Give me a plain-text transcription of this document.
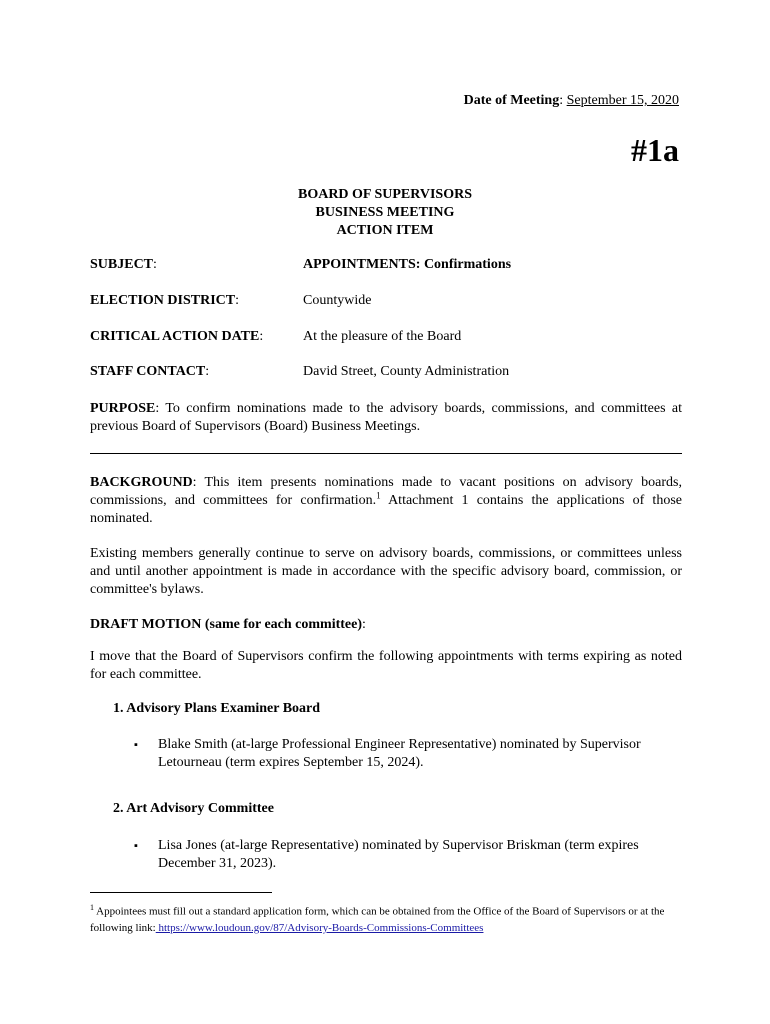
Date of Meeting: September 15, 2020
#1a
BOARD OF SUPERVISORS
BUSINESS MEETING
ACTION ITEM
SUBJECT:	APPOINTMENTS: Confirmations
ELECTION DISTRICT:	Countywide
CRITICAL ACTION DATE:	At the pleasure of the Board
STAFF CONTACT:	David Street, County Administration
PURPOSE: To confirm nominations made to the advisory boards, commissions, and committees at previous Board of Supervisors (Board) Business Meetings.
BACKGROUND: This item presents nominations made to vacant positions on advisory boards, commissions, and committees for confirmation.$^1$ Attachment 1 contains the applications of those nominated.
Existing members generally continue to serve on advisory boards, commissions, or committees unless and until another appointment is made in accordance with the specific advisory board, commission, or committee's bylaws.
DRAFT MOTION (same for each committee):
I move that the Board of Supervisors confirm the following appointments with terms expiring as noted for each committee.
1. Advisory Plans Examiner Board
▪ Blake Smith (at-large Professional Engineer Representative) nominated by Supervisor Letourneau (term expires September 15, 2024).
2. Art Advisory Committee
▪ Lisa Jones (at-large Representative) nominated by Supervisor Briskman (term expires December 31, 2023).
$^1$ Appointees must fill out a standard application form, which can be obtained from the Office of the Board of Supervisors or at the following link: https://www.loudoun.gov/87/Advisory-Boards-Commissions-Committees
